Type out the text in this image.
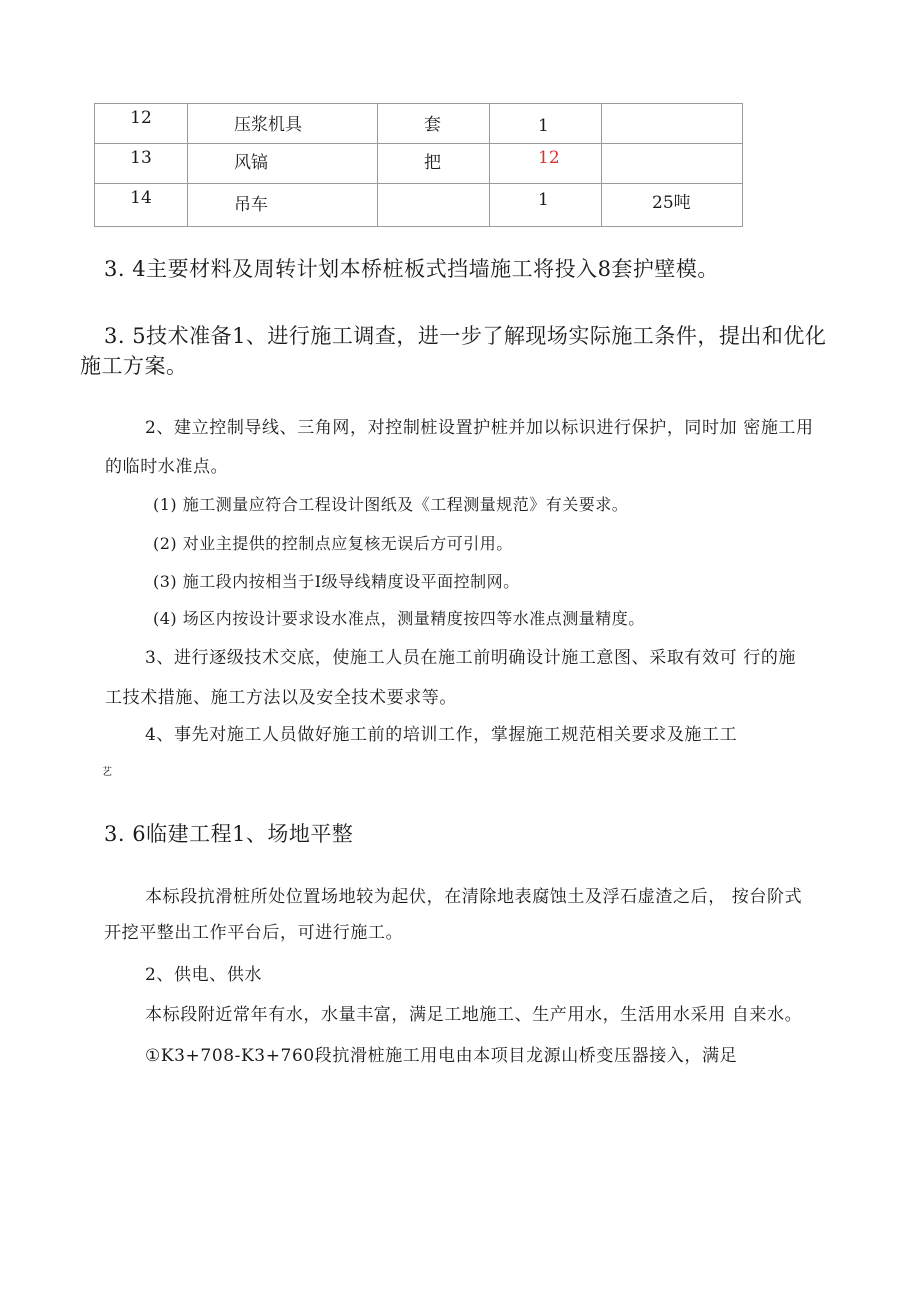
12	压浆机具	套	1	

13	风镐	把	12	

14	吊车		1	25吨
3. 4主要材料及周转计划本桥桩板式挡墙施工将投入8套护壁模。
3. 5技术准备1、进行施工调查，进一步了解现场实际施工条件，提出和优化
施工方案。
2、建立控制导线、三角网，对控制桩设置护桩并加以标识进行保护，同时加 密施工用
的临时水准点。
(1) 施工测量应符合工程设计图纸及《工程测量规范》有关要求。
(2) 对业主提供的控制点应复核无误后方可引用。
(3) 施工段内按相当于I级导线精度设平面控制网。
(4) 场区内按设计要求设水准点，测量精度按四等水准点测量精度。
3、进行逐级技术交底，使施工人员在施工前明确设计施工意图、采取有效可 行的施
工技术措施、施工方法以及安全技术要求等。
4、事先对施工人员做好施工前的培训工作，掌握施工规范相关要求及施工工
艺
3. 6临建工程1、场地平整
本标段抗滑桩所处位置场地较为起伏，在清除地表腐蚀土及浮石虚渣之后， 按台阶式
开挖平整出工作平台后，可进行施工。
2、供电、供水
本标段附近常年有水，水量丰富，满足工地施工、生产用水，生活用水采用 自来水。
①K3+708-K3+760段抗滑桩施工用电由本项目龙源山桥变压器接入，满足
